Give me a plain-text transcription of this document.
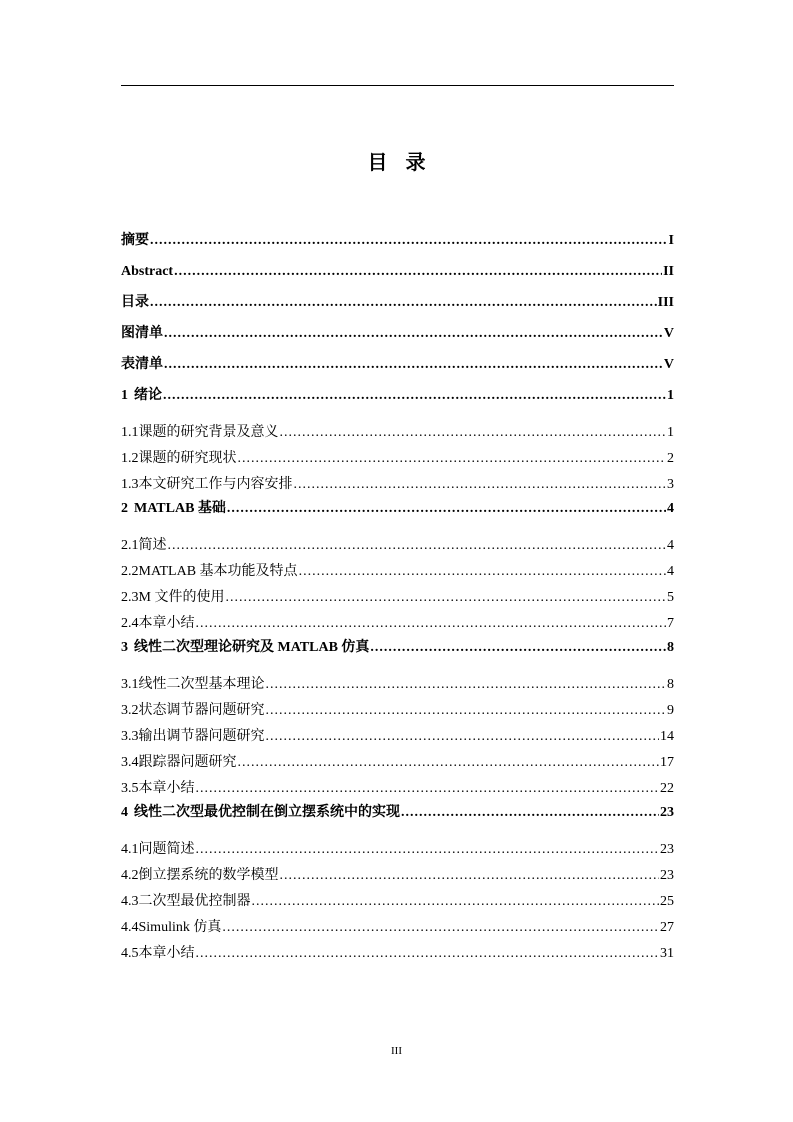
目录
摘要 .....	I
Abstract .....	II
目录 .....	III
图清单 .....	V
表清单 .....	V
1 绪论 .....	1
1.1 课题的研究背景及意义 .....	1
1.2 课题的研究现状 .....	2
1.3 本文研究工作与内容安排 .....	3
2 MATLAB 基础 .....	4
2.1 简述 .....	4
2.2 MATLAB 基本功能及特点 .....	4
2.3 M 文件的使用 .....	5
2.4 本章小结 .....	7
3 线性二次型理论研究及 MATLAB 仿真 .....	8
3.1 线性二次型基本理论 .....	8
3.2 状态调节器问题研究 .....	9
3.3 输出调节器问题研究 .....	14
3.4 跟踪器问题研究 .....	17
3.5 本章小结 .....	22
4 线性二次型最优控制在倒立摆系统中的实现 .....	23
4.1 问题简述 .....	23
4.2 倒立摆系统的数学模型 .....	23
4.3 二次型最优控制器 .....	25
4.4 Simulink 仿真 .....	27
4.5 本章小结 .....	31
III
